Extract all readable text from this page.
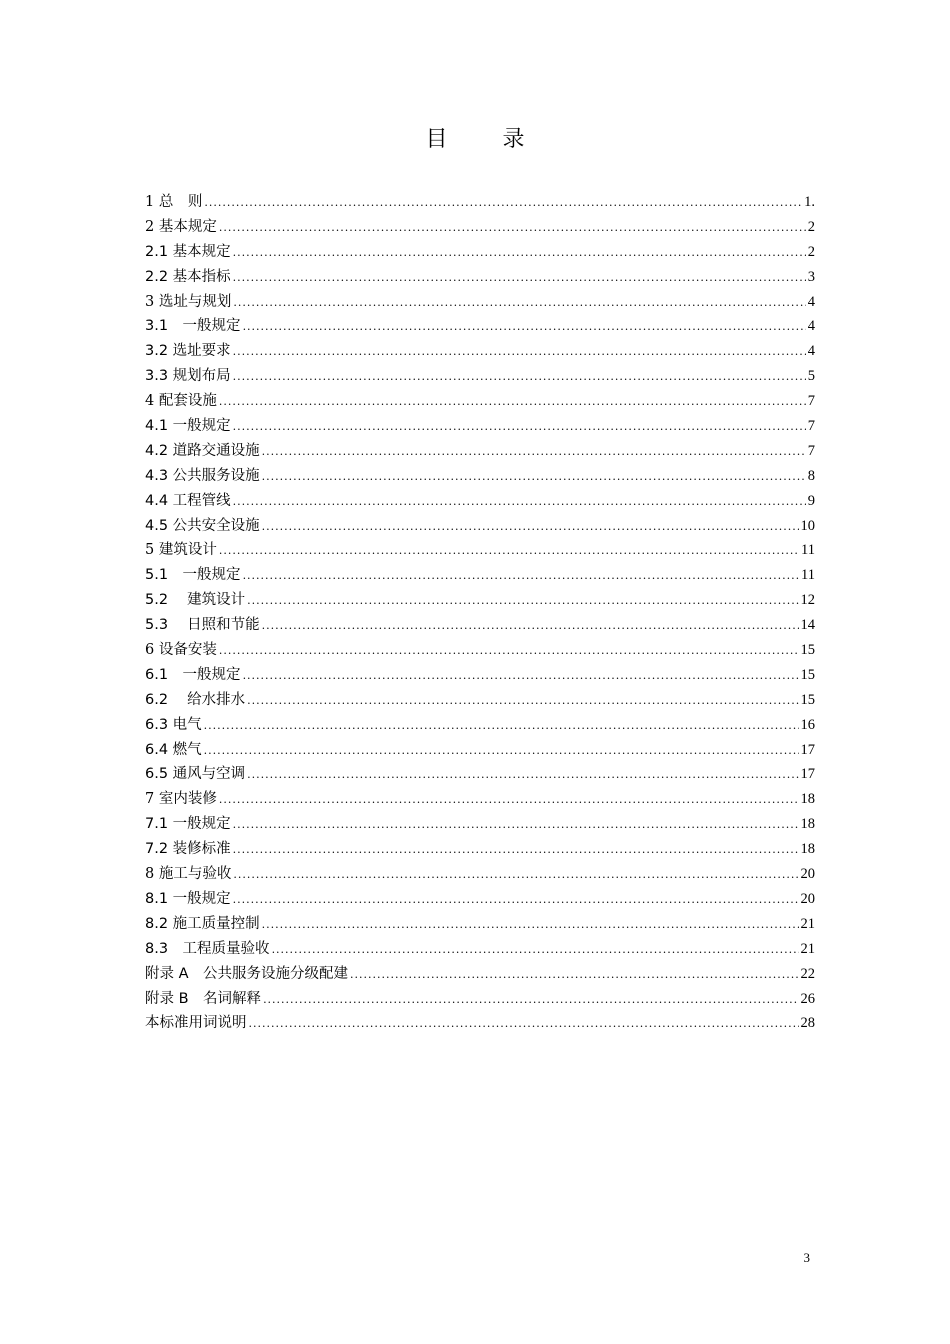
目 录
1 总　则 .....	1.
2 基本规定 .....	2
2.1 基本规定 .....	2
2.2 基本指标 .....	3
3 选址与规划 .....	4
3.1　一般规定 .....	4
3.2 选址要求 .....	4
3.3 规划布局 .....	5
4 配套设施 .....	7
4.1 一般规定 .....	7
4.2 道路交通设施 .....	7
4.3 公共服务设施 .....	8
4.4 工程管线 .....	9
4.5 公共安全设施 .....	10
5 建筑设计 .....	11
5.1　一般规定 .....	11
5.2　 建筑设计 .....	12
5.3　 日照和节能 .....	14
6 设备安装 .....	15
6.1　一般规定 .....	15
6.2　 给水排水 .....	15
6.3 电气 .....	16
6.4 燃气 .....	17
6.5 通风与空调 .....	17
7 室内装修 .....	18
7.1 一般规定 .....	18
7.2 装修标准 .....	18
8 施工与验收 .....	20
8.1 一般规定 .....	20
8.2 施工质量控制 .....	21
8.3　工程质量验收 .....	21
附录 A　公共服务设施分级配建 .....	22
附录 B　名词解释 .....	26
本标准用词说明 .....	28
3
